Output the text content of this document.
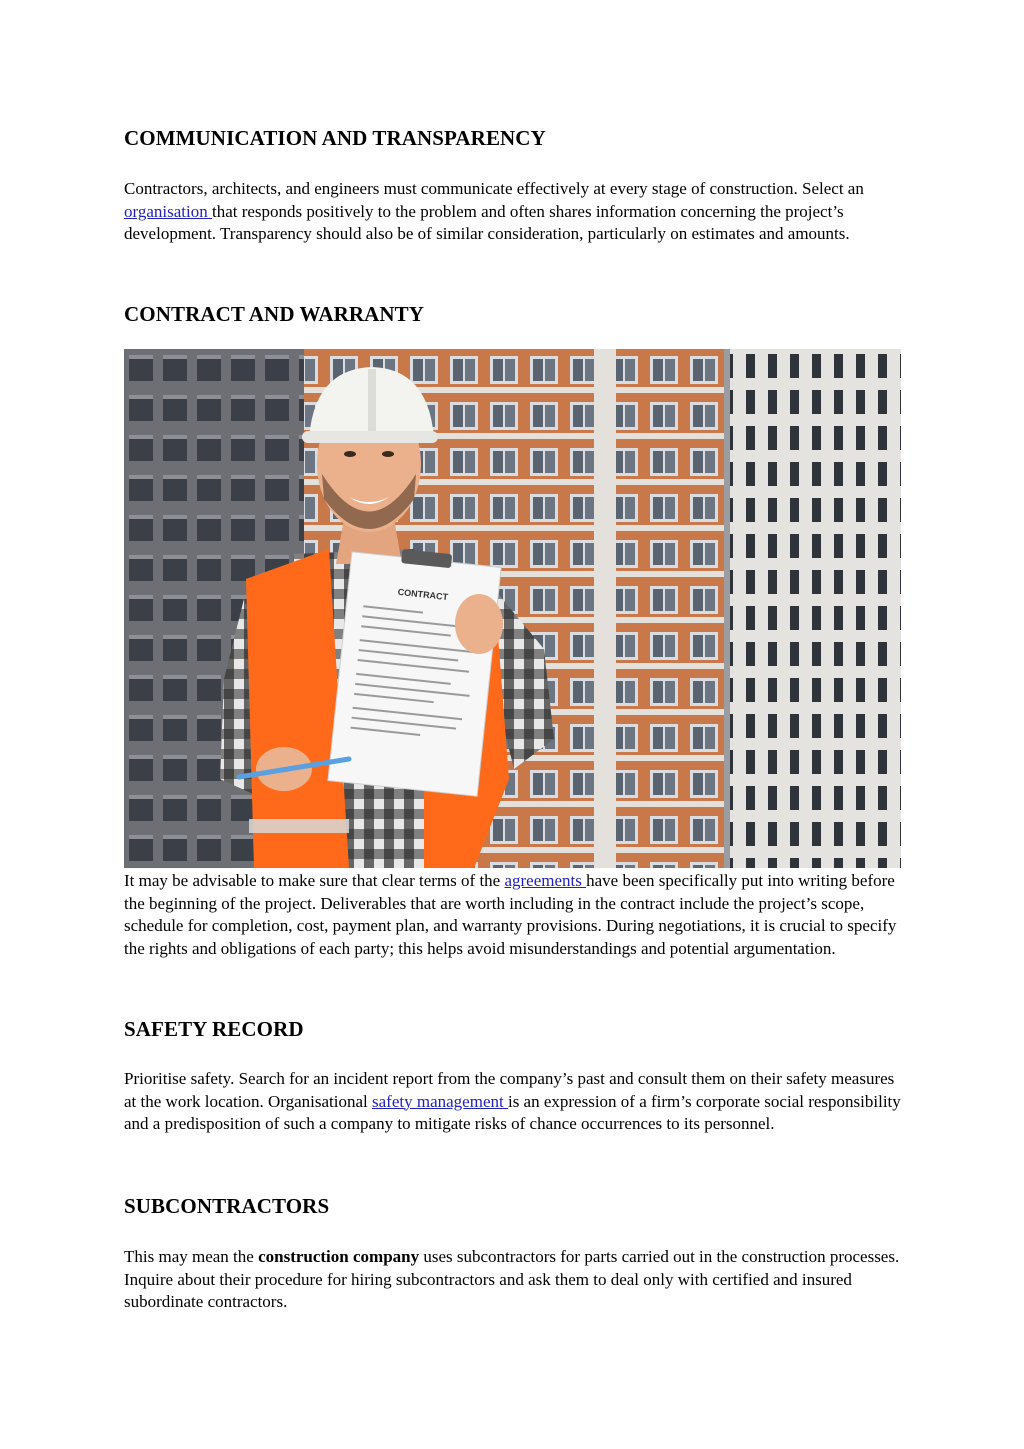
COMMUNICATION AND TRANSPARENCY

Contractors, architects, and engineers must communicate effectively at every stage of construction. Select an organisation that responds positively to the problem and often shares information concerning the project’s development. Transparency should also be of similar consideration, particularly on estimates and amounts.

CONTRACT AND WARRANTY
CONTRACT

It may be advisable to make sure that clear terms of the agreements have been specifically put into writing before the beginning of the project. Deliverables that are worth including in the contract include the project’s scope, schedule for completion, cost, payment plan, and warranty provisions. During negotiations, it is crucial to specify the rights and obligations of each party; this helps avoid misunderstandings and potential argumentation.

SAFETY RECORD

Prioritise safety. Search for an incident report from the company’s past and consult them on their safety measures at the work location. Organisational safety management is an expression of a firm’s corporate social responsibility and a predisposition of such a company to mitigate risks of chance occurrences to its personnel.

SUBCONTRACTORS

This may mean the construction company uses subcontractors for parts carried out in the construction processes. Inquire about their procedure for hiring subcontractors and ask them to deal only with certified and insured subordinate contractors.
